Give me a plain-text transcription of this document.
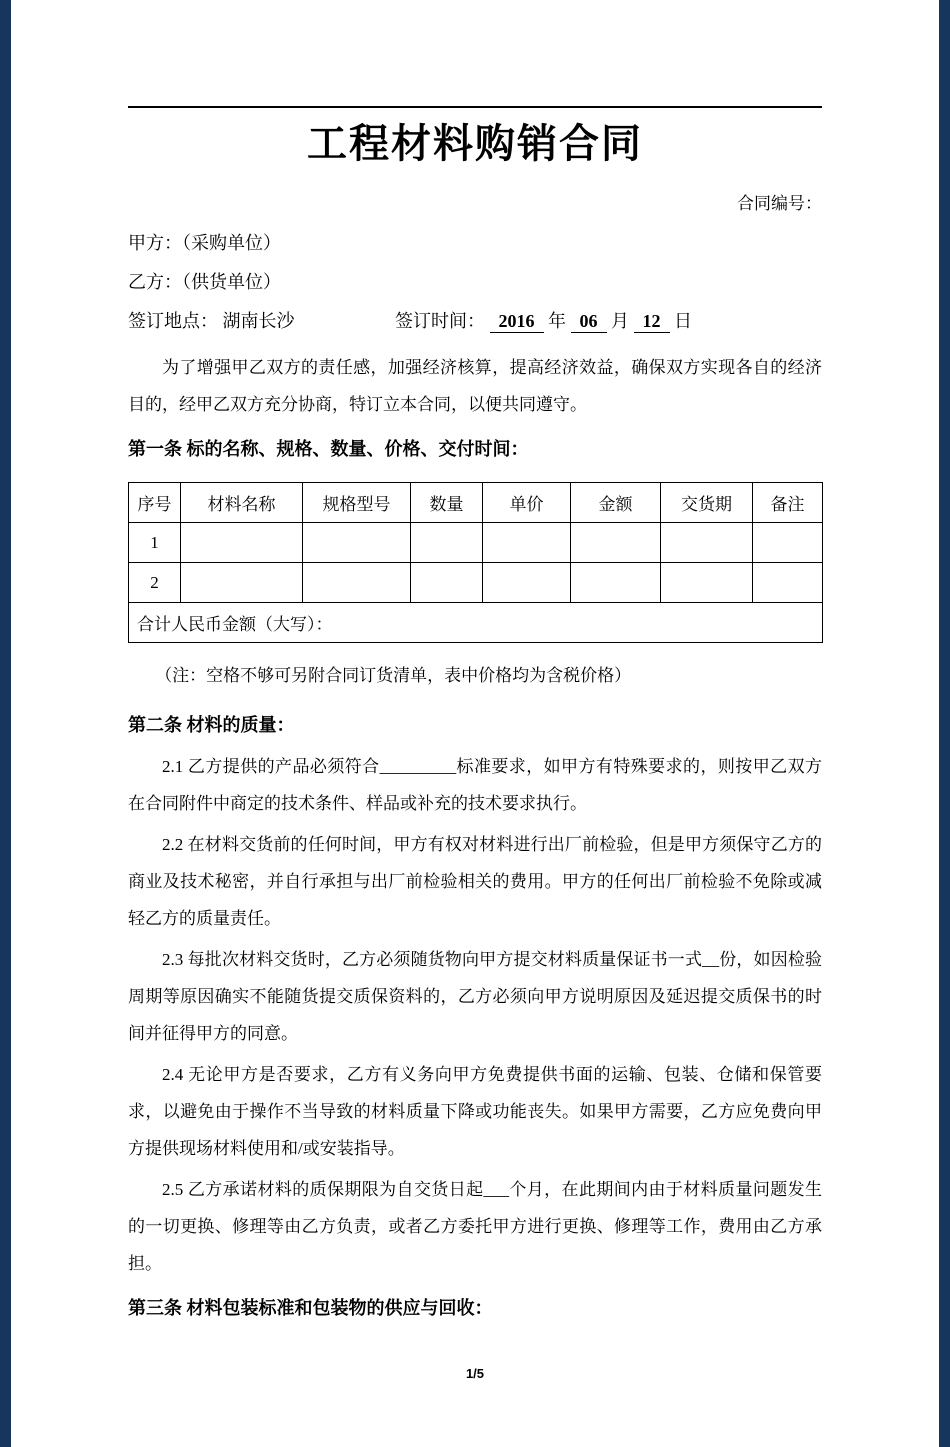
工程材料购销合同
合同编号：

甲方：（采购单位）

乙方：（供货单位）

签订地点： 湖南长沙	签订时间： 2016 年 06 月 12 日

为了增强甲乙双方的责任感，加强经济核算，提高经济效益，确保双方实现各自的经济目的，经甲乙双方充分协商，特订立本合同，以便共同遵守。

第一条 标的名称、规格、数量、价格、交付时间：
序号	材料名称	规格型号	数量	单价	金额	交货期	备注
1							
2							
合计人民币金额（大写）：							

（注：空格不够可另附合同订货清单，表中价格均为含税价格）

第二条 材料的质量：

2.1 乙方提供的产品必须符合_________标准要求，如甲方有特殊要求的，则按甲乙双方在合同附件中商定的技术条件、样品或补充的技术要求执行。

2.2 在材料交货前的任何时间，甲方有权对材料进行出厂前检验，但是甲方须保守乙方的商业及技术秘密，并自行承担与出厂前检验相关的费用。甲方的任何出厂前检验不免除或减轻乙方的质量责任。

2.3 每批次材料交货时，乙方必须随货物向甲方提交材料质量保证书一式__份，如因检验周期等原因确实不能随货提交质保资料的，乙方必须向甲方说明原因及延迟提交质保书的时间并征得甲方的同意。

2.4 无论甲方是否要求，乙方有义务向甲方免费提供书面的运输、包装、仓储和保管要求，以避免由于操作不当导致的材料质量下降或功能丧失。如果甲方需要，乙方应免费向甲方提供现场材料使用和/或安装指导。

2.5 乙方承诺材料的质保期限为自交货日起___个月，在此期间内由于材料质量问题发生的一切更换、修理等由乙方负责，或者乙方委托甲方进行更换、修理等工作，费用由乙方承担。

第三条 材料包装标准和包装物的供应与回收：
1/5
